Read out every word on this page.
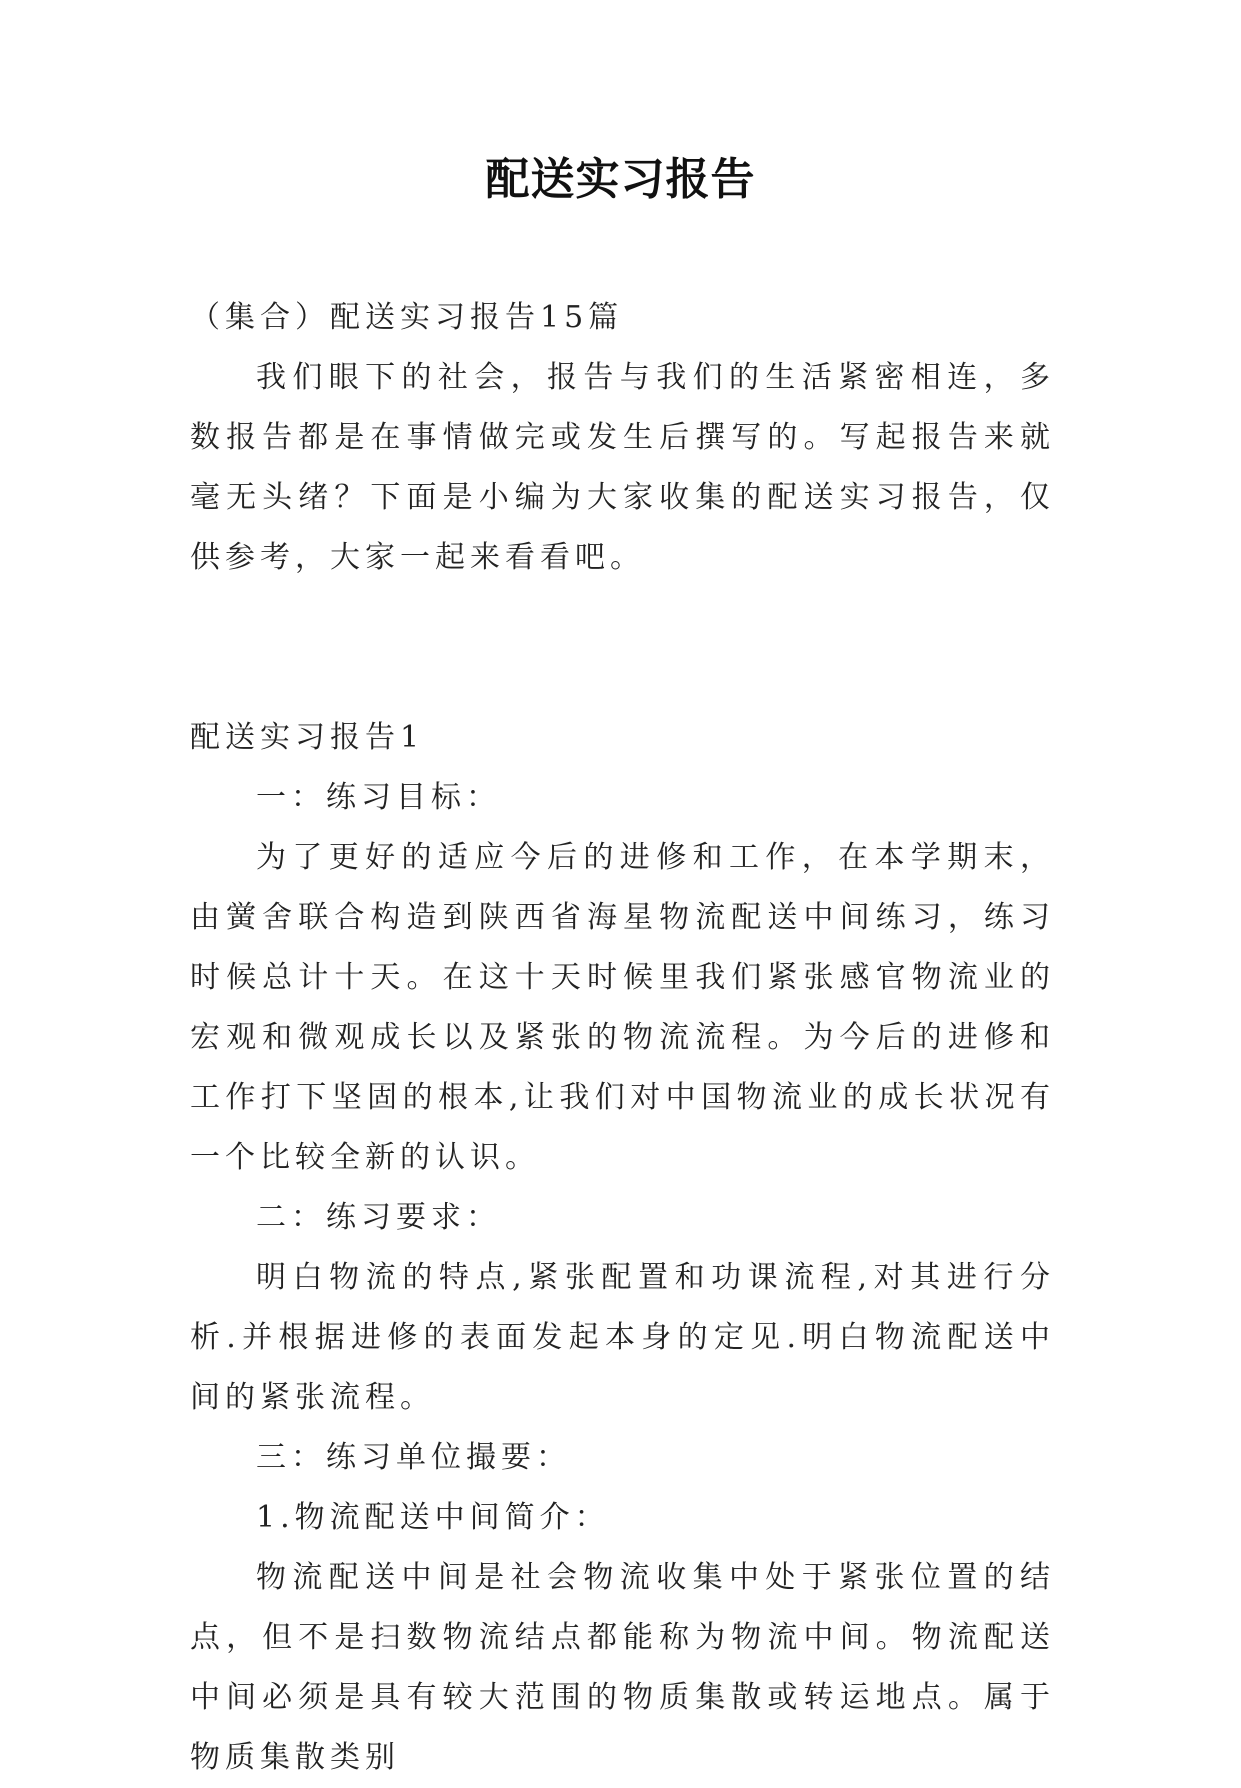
配送实习报告

（集合）配送实习报告15篇

我们眼下的社会，报告与我们的生活紧密相连，多数报告都是在事情做完或发生后撰写的。写起报告来就毫无头绪？下面是小编为大家收集的配送实习报告，仅供参考，大家一起来看看吧。

配送实习报告1

一：练习目标：

为了更好的适应今后的进修和工作，在本学期末，由黉舍联合构造到陕西省海星物流配送中间练习，练习时候总计十天。在这十天时候里我们紧张感官物流业的宏观和微观成长以及紧张的物流流程。为今后的进修和工作打下坚固的根本,让我们对中国物流业的成长状况有一个比较全新的认识。

二：练习要求：

明白物流的特点,紧张配置和功课流程,对其进行分析.并根据进修的表面发起本身的定见.明白物流配送中间的紧张流程。

三：练习单位撮要：

1.物流配送中间简介：

物流配送中间是社会物流收集中处于紧张位置的结点，但不是扫数物流结点都能称为物流中间。物流配送中间必须是具有较大范围的物质集散或转运地点。属于物质集散类别
